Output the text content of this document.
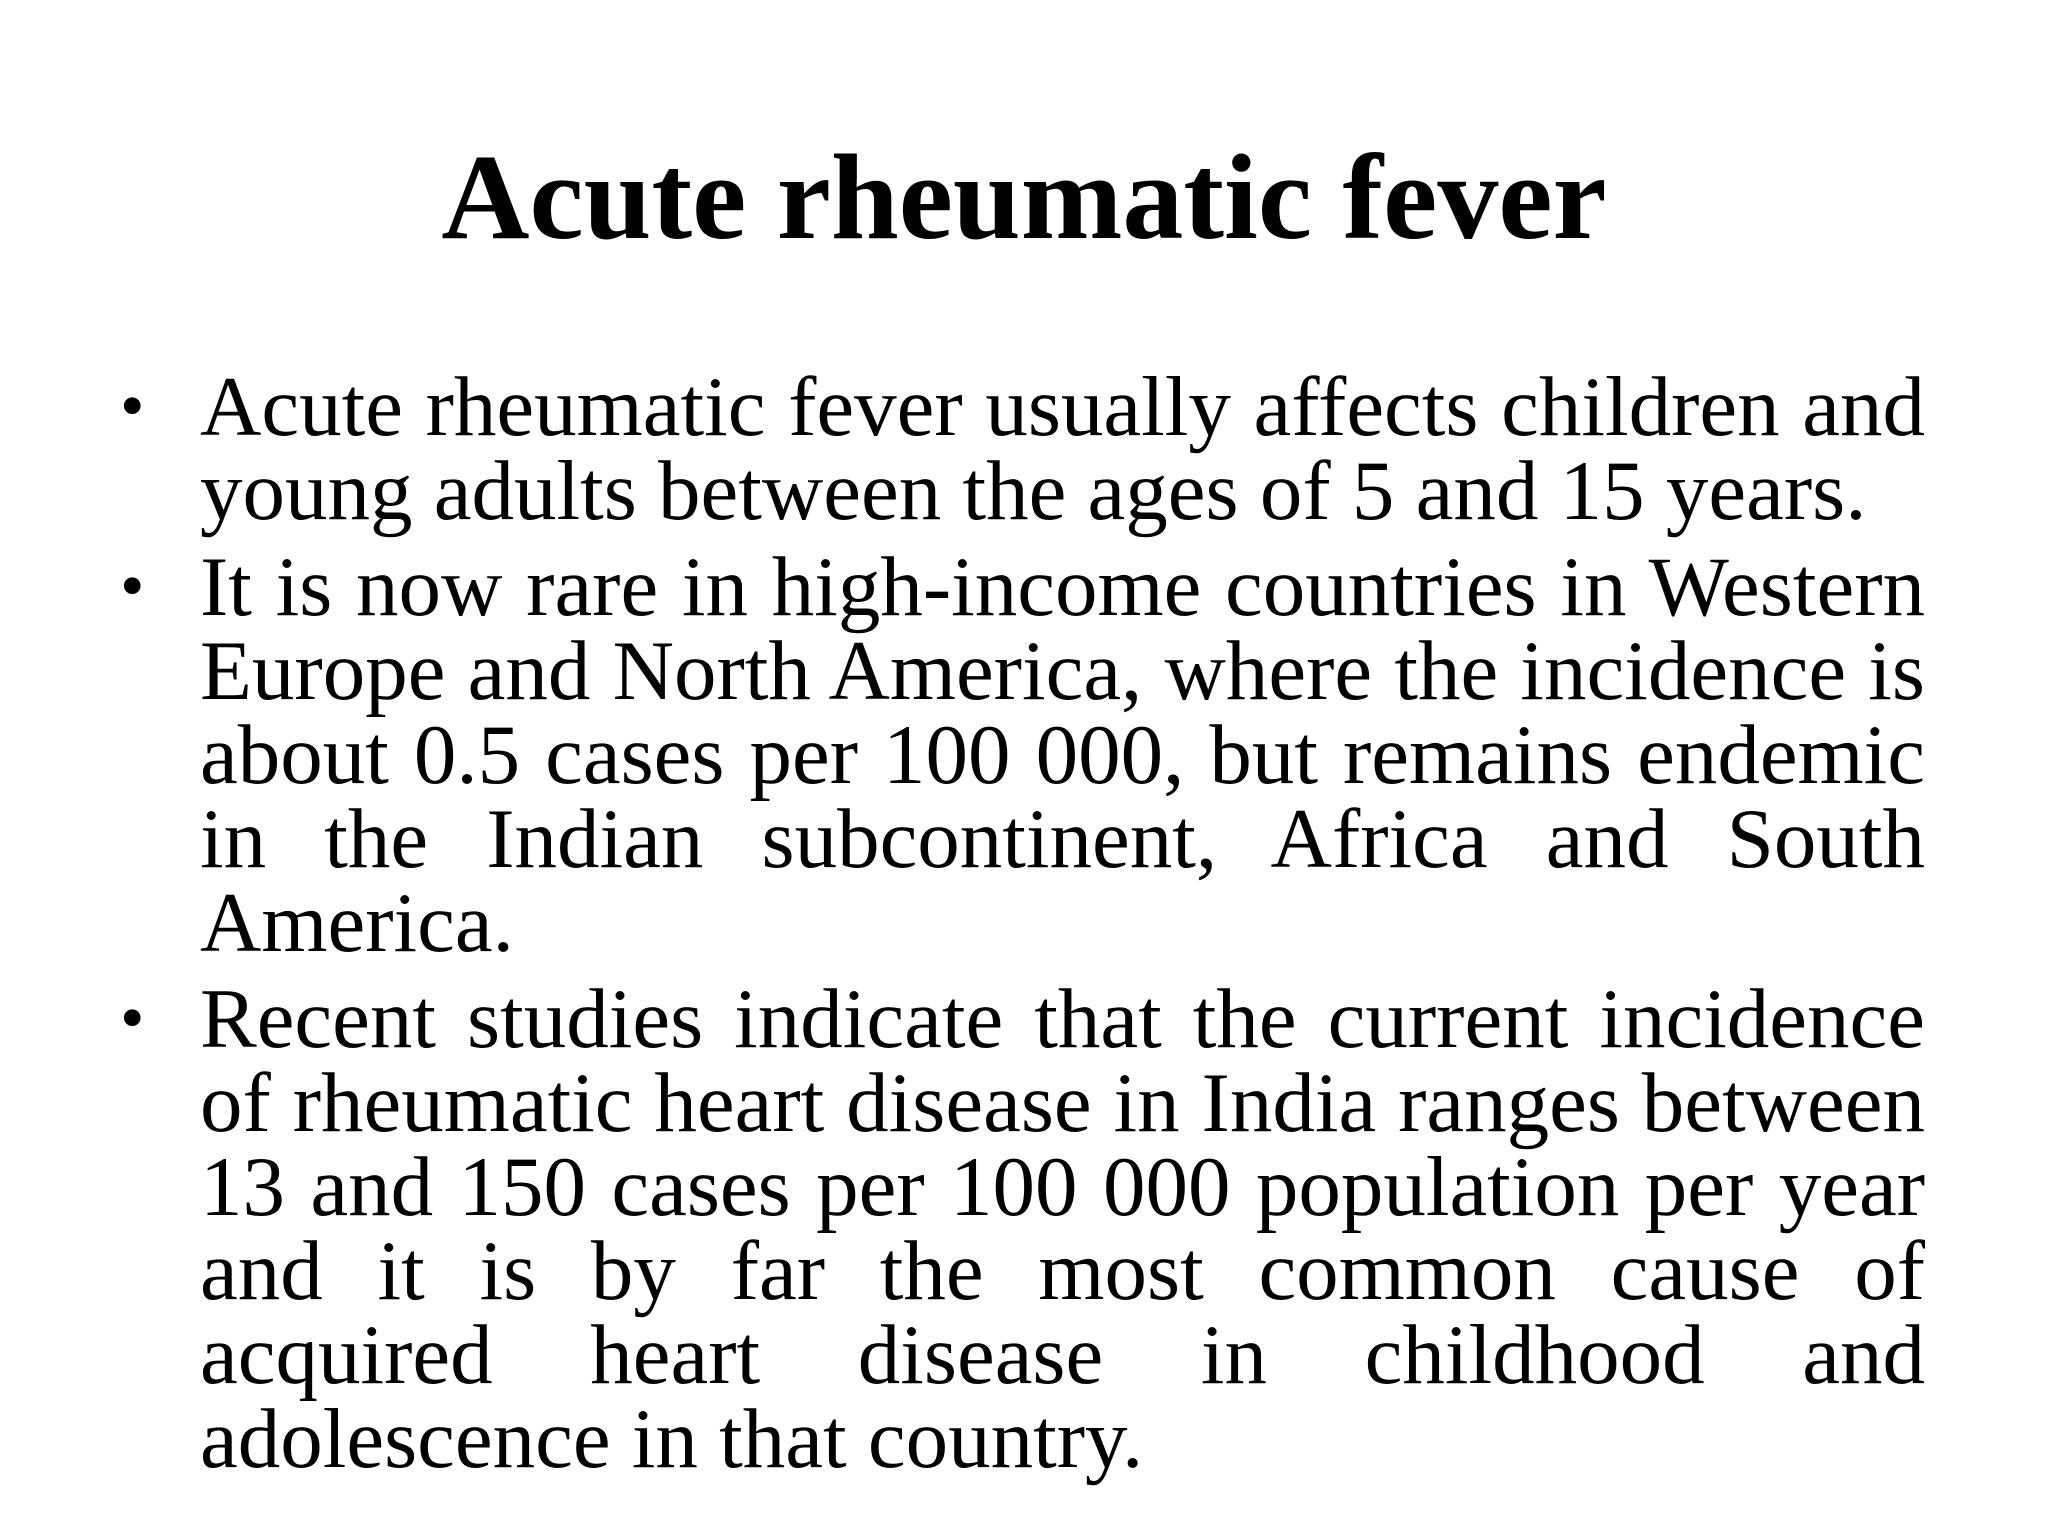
Acute rheumatic fever
• Acute rheumatic fever usually affects children and young adults between the ages of 5 and 15 years.
• It is now rare in high-income countries in Western Europe and North America, where the incidence is about 0.5 cases per 100 000, but remains endemic in the Indian subcontinent, Africa and South America.
• Recent studies indicate that the current incidence of rheumatic heart disease in India ranges between 13 and 150 cases per 100 000 population per year and it is by far the most common cause of acquired heart disease in childhood and adolescence in that country.
